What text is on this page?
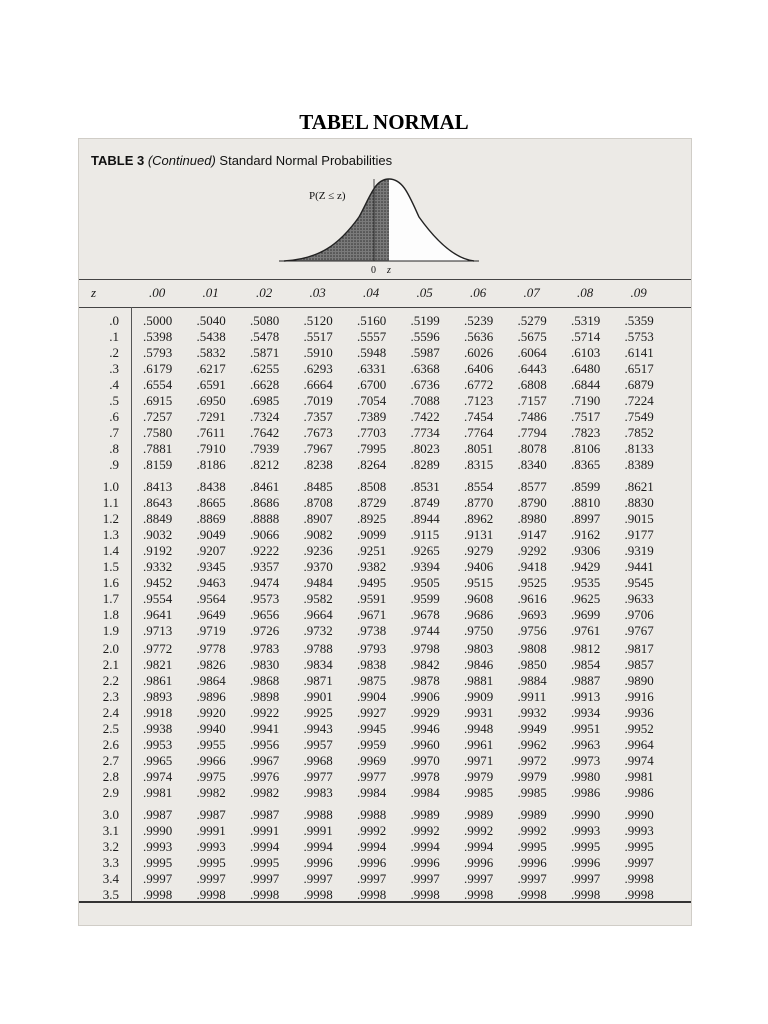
TABEL NORMAL
TABLE 3 (Continued) Standard Normal Probabilities
P(Z ≤ z)
0 z
z	.00	.01	.02	.03	.04	.05	.06	.07	.08	.09
.0 .5000 .5040 .5080 .5120 .5160 .5199 .5239 .5279 .5319 .5359
.1 .5398 .5438 .5478 .5517 .5557 .5596 .5636 .5675 .5714 .5753
.2 .5793 .5832 .5871 .5910 .5948 .5987 .6026 .6064 .6103 .6141
.3 .6179 .6217 .6255 .6293 .6331 .6368 .6406 .6443 .6480 .6517
.4 .6554 .6591 .6628 .6664 .6700 .6736 .6772 .6808 .6844 .6879
.5 .6915 .6950 .6985 .7019 .7054 .7088 .7123 .7157 .7190 .7224
.6 .7257 .7291 .7324 .7357 .7389 .7422 .7454 .7486 .7517 .7549
.7 .7580 .7611 .7642 .7673 .7703 .7734 .7764 .7794 .7823 .7852
.8 .7881 .7910 .7939 .7967 .7995 .8023 .8051 .8078 .8106 .8133
.9 .8159 .8186 .8212 .8238 .8264 .8289 .8315 .8340 .8365 .8389
1.0 .8413 .8438 .8461 .8485 .8508 .8531 .8554 .8577 .8599 .8621
1.1 .8643 .8665 .8686 .8708 .8729 .8749 .8770 .8790 .8810 .8830
1.2 .8849 .8869 .8888 .8907 .8925 .8944 .8962 .8980 .8997 .9015
1.3 .9032 .9049 .9066 .9082 .9099 .9115 .9131 .9147 .9162 .9177
1.4 .9192 .9207 .9222 .9236 .9251 .9265 .9279 .9292 .9306 .9319
1.5 .9332 .9345 .9357 .9370 .9382 .9394 .9406 .9418 .9429 .9441
1.6 .9452 .9463 .9474 .9484 .9495 .9505 .9515 .9525 .9535 .9545
1.7 .9554 .9564 .9573 .9582 .9591 .9599 .9608 .9616 .9625 .9633
1.8 .9641 .9649 .9656 .9664 .9671 .9678 .9686 .9693 .9699 .9706
1.9 .9713 .9719 .9726 .9732 .9738 .9744 .9750 .9756 .9761 .9767
2.0 .9772 .9778 .9783 .9788 .9793 .9798 .9803 .9808 .9812 .9817
2.1 .9821 .9826 .9830 .9834 .9838 .9842 .9846 .9850 .9854 .9857
2.2 .9861 .9864 .9868 .9871 .9875 .9878 .9881 .9884 .9887 .9890
2.3 .9893 .9896 .9898 .9901 .9904 .9906 .9909 .9911 .9913 .9916
2.4 .9918 .9920 .9922 .9925 .9927 .9929 .9931 .9932 .9934 .9936
2.5 .9938 .9940 .9941 .9943 .9945 .9946 .9948 .9949 .9951 .9952
2.6 .9953 .9955 .9956 .9957 .9959 .9960 .9961 .9962 .9963 .9964
2.7 .9965 .9966 .9967 .9968 .9969 .9970 .9971 .9972 .9973 .9974
2.8 .9974 .9975 .9976 .9977 .9977 .9978 .9979 .9979 .9980 .9981
2.9 .9981 .9982 .9982 .9983 .9984 .9984 .9985 .9985 .9986 .9986
3.0 .9987 .9987 .9987 .9988 .9988 .9989 .9989 .9989 .9990 .9990
3.1 .9990 .9991 .9991 .9991 .9992 .9992 .9992 .9992 .9993 .9993
3.2 .9993 .9993 .9994 .9994 .9994 .9994 .9994 .9995 .9995 .9995
3.3 .9995 .9995 .9995 .9996 .9996 .9996 .9996 .9996 .9996 .9997
3.4 .9997 .9997 .9997 .9997 .9997 .9997 .9997 .9997 .9997 .9998
3.5 .9998 .9998 .9998 .9998 .9998 .9998 .9998 .9998 .9998 .9998
